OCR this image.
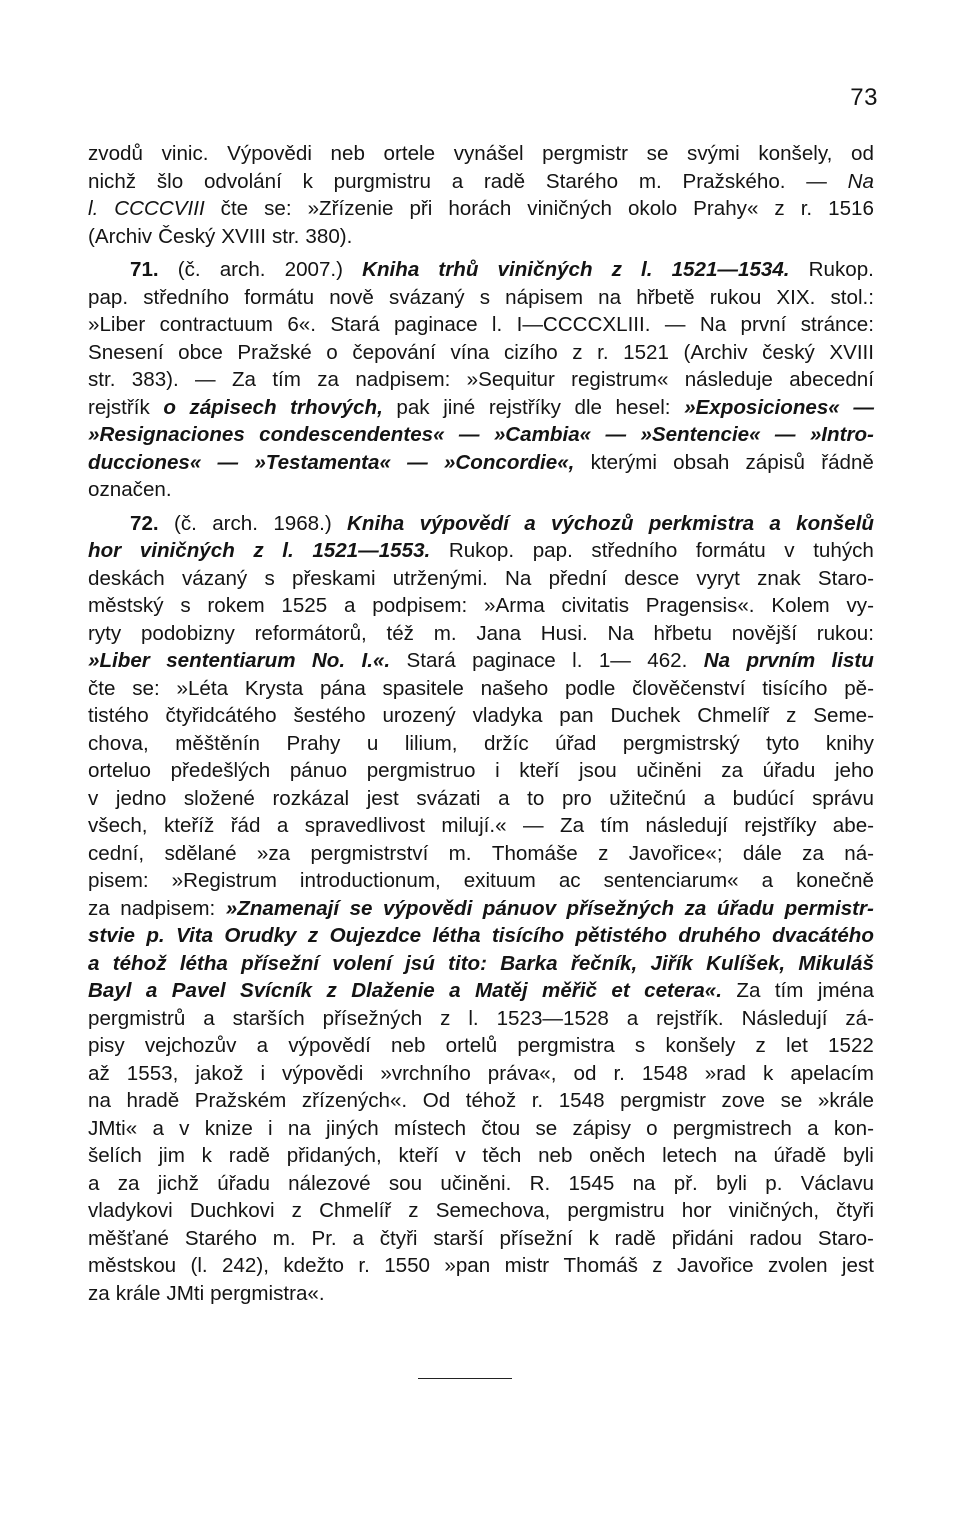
73
zvodů vinic. Výpovědi neb ortele vynášel pergmistr se svými konšely, od
nichž šlo odvolání k purgmistru a radě Starého m. Pražského. — Na
l. CCCCVIII čte se: »Zřízenie při horách viničných okolo Prahy« z r. 1516
(Archiv Český XVIII str. 380).
71. (č. arch. 2007.) Kniha trhů viničných z l. 1521—1534. Rukop.
pap. středního formátu nově svázaný s nápisem na hřbetě rukou XIX. stol.:
»Liber contractuum 6«. Stará paginace l. I—CCCCXLIII. — Na první stránce:
Snesení obce Pražské o čepování vína cizího z r. 1521 (Archiv český XVIII
str. 383). — Za tím za nadpisem: »Sequitur registrum« následuje abecední
rejstřík o zápisech trhových, pak jiné rejstříky dle hesel: »Exposiciones« —
»Resignaciones condescendentes« — »Cambia« — »Sentencie« — »Intro-
ducciones« — »Testamenta« — »Concordie«, kterými obsah zápisů řádně
označen.
72. (č. arch. 1968.) Kniha výpovědí a výchozů perkmistra a konšelů
hor viničných z l. 1521—1553. Rukop. pap. středního formátu v tuhých
deskách vázaný s přeskami utrženými. Na přední desce vyryt znak Staro-
městský s rokem 1525 a podpisem: »Arma civitatis Pragensis«. Kolem vy-
ryty podobizny reformátorů, též m. Jana Husi. Na hřbetu novější rukou:
»Liber sententiarum No. I.«. Stará paginace l. 1— 462. Na prvním listu
čte se: »Léta Krysta pána spasitele našeho podle člověčenství tisícího pě-
tistého čtyřidcátého šestého urozený vladyka pan Duchek Chmelíř z Seme-
chova, měštěnín Prahy u lilium, držíc úřad pergmistrský tyto knihy
orteluo předešlých pánuo pergmistruo i kteří jsou učiněni za úřadu jeho
v jedno složené rozkázal jest svázati a to pro užitečnú a budúcí správu
všech, kteříž řád a spravedlivost milují.« — Za tím následují rejstříky abe-
cední, sdělané »za pergmistrství m. Thomáše z Javořice«; dále za ná-
pisem: »Registrum introductionum, exituum ac sentenciarum« a konečně
za nadpisem: »Znamenají se výpovědi pánuov přísežných za úřadu permistr-
stvie p. Vita Orudky z Oujezdce létha tisícího pětistého druhého dvacátého
a téhož létha přísežní volení jsú tito: Barka řečník, Jiřík Kulíšek, Mikuláš
Bayl a Pavel Svícník z Dlaženie a Matěj měřič et cetera«. Za tím jména
pergmistrů a starších přísežných z l. 1523—1528 a rejstřík. Následují zá-
pisy vejchozův a výpovědí neb ortelů pergmistra s konšely z let 1522
až 1553, jakož i výpovědi »vrchního práva«, od r. 1548 »rad k apelacím
na hradě Pražském zřízených«. Od téhož r. 1548 pergmistr zove se »krále
JMti« a v knize i na jiných místech čtou se zápisy o pergmistrech a kon-
šelích jim k radě přidaných, kteří v těch neb oněch letech na úřadě byli
a za jichž úřadu nálezové sou učiněni. R. 1545 na př. byli p. Václavu
vladykovi Duchkovi z Chmelíř z Semechova, pergmistru hor viničných, čtyři
měšťané Starého m. Pr. a čtyři starší přísežní k radě přidáni radou Staro-
městskou (l. 242), kdežto r. 1550 »pan mistr Thomáš z Javořice zvolen jest
za krále JMti pergmistra«.
